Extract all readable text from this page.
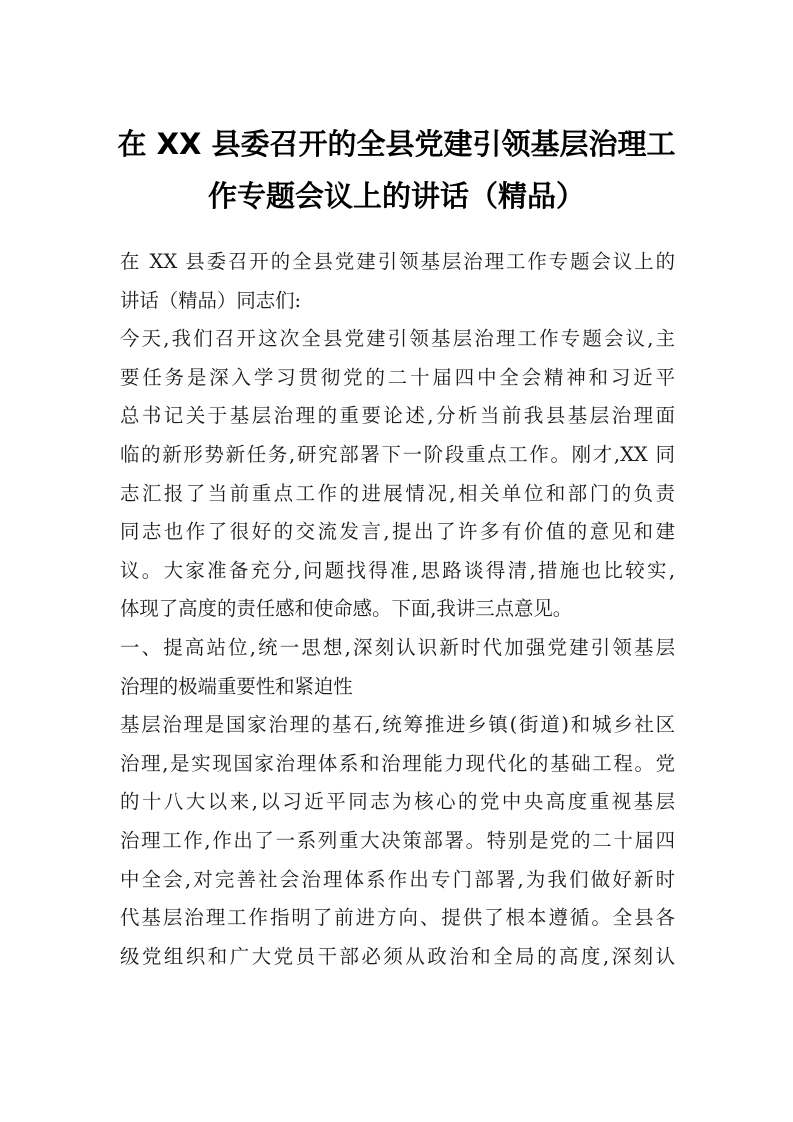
在 XX 县委召开的全县党建引领基层治理工
作专题会议上的讲话（精品）
在 XX 县委召开的全县党建引领基层治理工作专题会议上的
讲话（精品）同志们:
今天,我们召开这次全县党建引领基层治理工作专题会议,主
要任务是深入学习贯彻党的二十届四中全会精神和习近平
总书记关于基层治理的重要论述,分析当前我县基层治理面
临的新形势新任务,研究部署下一阶段重点工作。刚才,XX 同
志汇报了当前重点工作的进展情况,相关单位和部门的负责
同志也作了很好的交流发言,提出了许多有价值的意见和建
议。大家准备充分,问题找得准,思路谈得清,措施也比较实,
体现了高度的责任感和使命感。下面,我讲三点意见。
一、提高站位,统一思想,深刻认识新时代加强党建引领基层
治理的极端重要性和紧迫性
基层治理是国家治理的基石,统筹推进乡镇(街道)和城乡社区
治理,是实现国家治理体系和治理能力现代化的基础工程。党
的十八大以来,以习近平同志为核心的党中央高度重视基层
治理工作,作出了一系列重大决策部署。特别是党的二十届四
中全会,对完善社会治理体系作出专门部署,为我们做好新时
代基层治理工作指明了前进方向、提供了根本遵循。全县各
级党组织和广大党员干部必须从政治和全局的高度,深刻认
